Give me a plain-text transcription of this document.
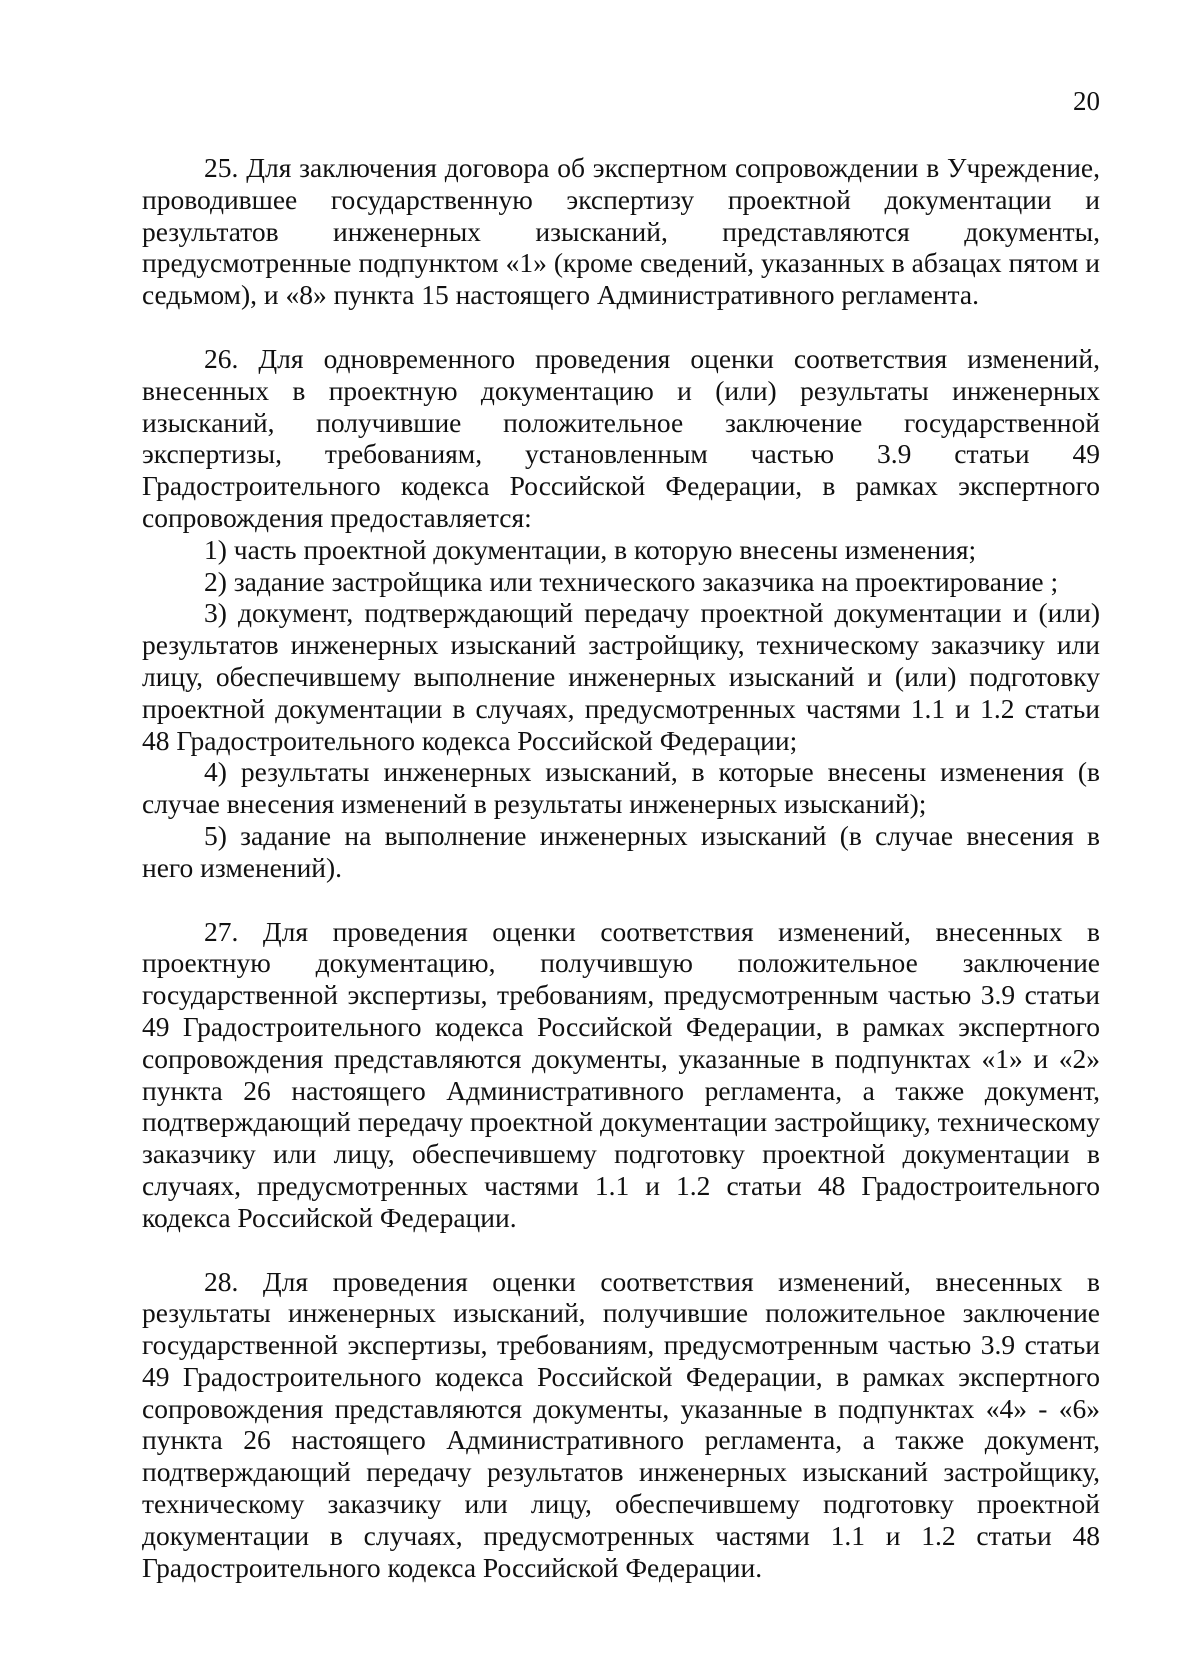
20

25. Для заключения договора об экспертном сопровождении в Учреждение, проводившее государственную экспертизу проектной документации и результатов инженерных изысканий, представляются документы, предусмотренные подпунктом «1» (кроме сведений, указанных в абзацах пятом и седьмом), и «8» пункта 15 настоящего Административного регламента.

26. Для одновременного проведения оценки соответствия изменений, внесенных в проектную документацию и (или) результаты инженерных изысканий, получившие положительное заключение государственной экспертизы, требованиям, установленным частью 3.9 статьи 49 Градостроительного кодекса Российской Федерации, в рамках экспертного сопровождения предоставляется:

1) часть проектной документации, в которую внесены изменения;

2) задание застройщика или технического заказчика на проектирование ;

3) документ, подтверждающий передачу проектной документации и (или) результатов инженерных изысканий застройщику, техническому заказчику или лицу, обеспечившему выполнение инженерных изысканий и (или) подготовку проектной документации в случаях, предусмотренных частями 1.1 и 1.2 статьи 48 Градостроительного кодекса Российской Федерации;

4) результаты инженерных изысканий, в которые внесены изменения (в случае внесения изменений в результаты инженерных изысканий);

5) задание на выполнение инженерных изысканий (в случае внесения в него изменений).

27. Для проведения оценки соответствия изменений, внесенных в проектную документацию, получившую положительное заключение государственной экспертизы, требованиям, предусмотренным частью 3.9 статьи 49 Градостроительного кодекса Российской Федерации, в рамках экспертного сопровождения представляются документы, указанные в подпунктах «1» и «2» пункта 26 настоящего Административного регламента, а также документ, подтверждающий передачу проектной документации застройщику, техническому заказчику или лицу, обеспечившему подготовку проектной документации в случаях, предусмотренных частями 1.1 и 1.2 статьи 48 Градостроительного кодекса Российской Федерации.

28. Для проведения оценки соответствия изменений, внесенных в результаты инженерных изысканий, получившие положительное заключение государственной экспертизы, требованиям, предусмотренным частью 3.9 статьи 49 Градостроительного кодекса Российской Федерации, в рамках экспертного сопровождения представляются документы, указанные в подпунктах «4» - «6» пункта 26 настоящего Административного регламента, а также документ, подтверждающий передачу результатов инженерных изысканий застройщику, техническому заказчику или лицу, обеспечившему подготовку проектной документации в случаях, предусмотренных частями 1.1 и 1.2 статьи 48 Градостроительного кодекса Российской Федерации.
